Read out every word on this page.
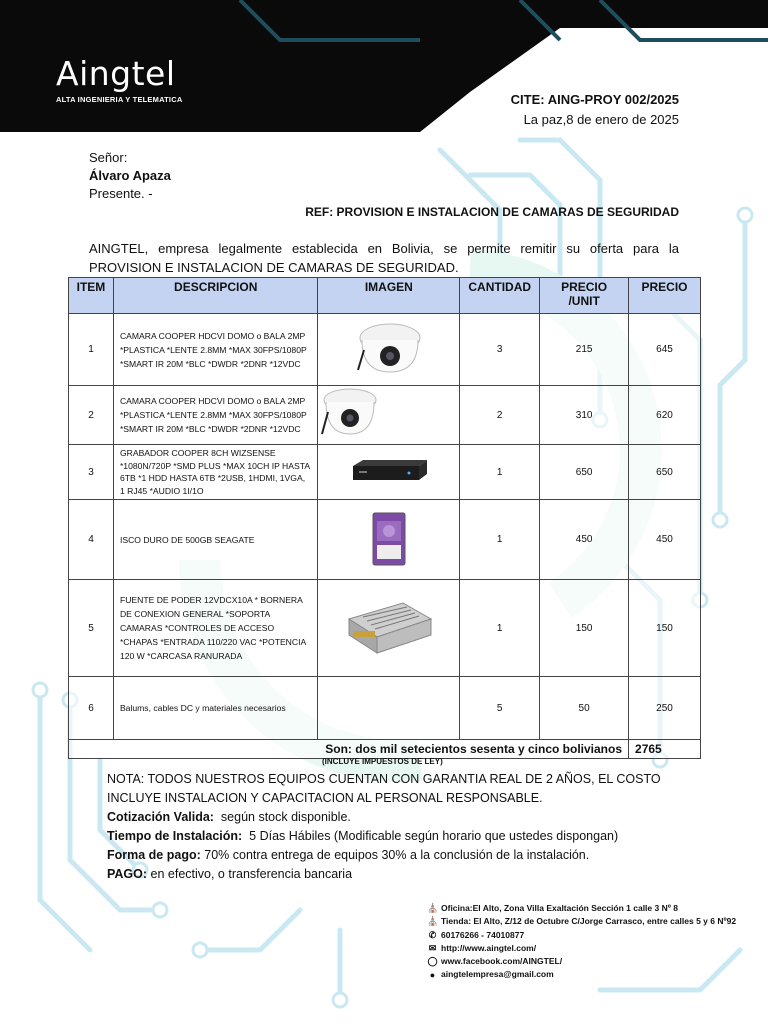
Aingtel
ALTA INGENIERIA Y TELEMATICA	CITE: AING-PROY 002/2025
La paz,8 de enero de 2025
Señor:
Álvaro Apaza
Presente. -
REF: PROVISION E INSTALACION DE CAMARAS DE SEGURIDAD
AINGTEL, empresa legalmente establecida en Bolivia, se permite remitir su oferta para la PROVISION E INSTALACION DE CAMARAS DE SEGURIDAD.
ITEM	DESCRIPCION	IMAGEN	CANTIDAD	PRECIO /UNIT	PRECIO
1	CAMARA COOPER HDCVI DOMO o BALA 2MP *PLASTICA *LENTE 2.8MM *MAX 30FPS/1080P *SMART IR 20M *BLC *DWDR *2DNR *12VDC		3	215	645
2	CAMARA COOPER HDCVI DOMO o BALA 2MP *PLASTICA *LENTE 2.8MM *MAX 30FPS/1080P *SMART IR 20M *BLC *DWDR *2DNR *12VDC		2	310	620
3	GRABADOR COOPER 8CH WIZSENSE *1080N/720P *SMD PLUS *MAX 10CH IP HASTA 6TB *1 HDD HASTA 6TB *2USB, 1HDMI, 1VGA, 1 RJ45 *AUDIO 1I/1O		1	650	650
4	ISCO DURO DE 500GB SEAGATE		1	450	450
5	FUENTE DE PODER 12VDCX10A * BORNERA DE CONEXION GENERAL *SOPORTA CAMARAS *CONTROLES DE ACCESO *CHAPAS *ENTRADA 110/220 VAC *POTENCIA 120 W *CARCASA RANURADA		1	150	150
6	Balums, cables DC y materiales necesarios		5	50	250
Son: dos mil setecientos sesenta y cinco bolivianos					2765
(INCLUYE IMPUESTOS DE LEY)
NOTA: TODOS NUESTROS EQUIPOS CUENTAN CON GARANTIA REAL DE 2 AÑOS, EL COSTO INCLUYE INSTALACION Y CAPACITACION AL PERSONAL RESPONSABLE.
Cotización Valida: según stock disponible.
Tiempo de Instalación: 5 Días Hábiles (Modificable según horario que ustedes dispongan)
Forma de pago: 70% contra entrega de equipos 30% a la conclusión de la instalación.
PAGO: en efectivo, o transferencia bancaria
⛪ Oficina:El Alto, Zona Villa Exaltación Sección 1 calle 3 Nº 8
⛪ Tienda: El Alto, Z/12 de Octubre C/Jorge Carrasco, entre calles 5 y 6 Nº92
✆ 60176266 - 74010877
✉ http://www.aingtel.com/
◯ www.facebook.com/AINGTEL/
● aingtelempresa@gmail.com
